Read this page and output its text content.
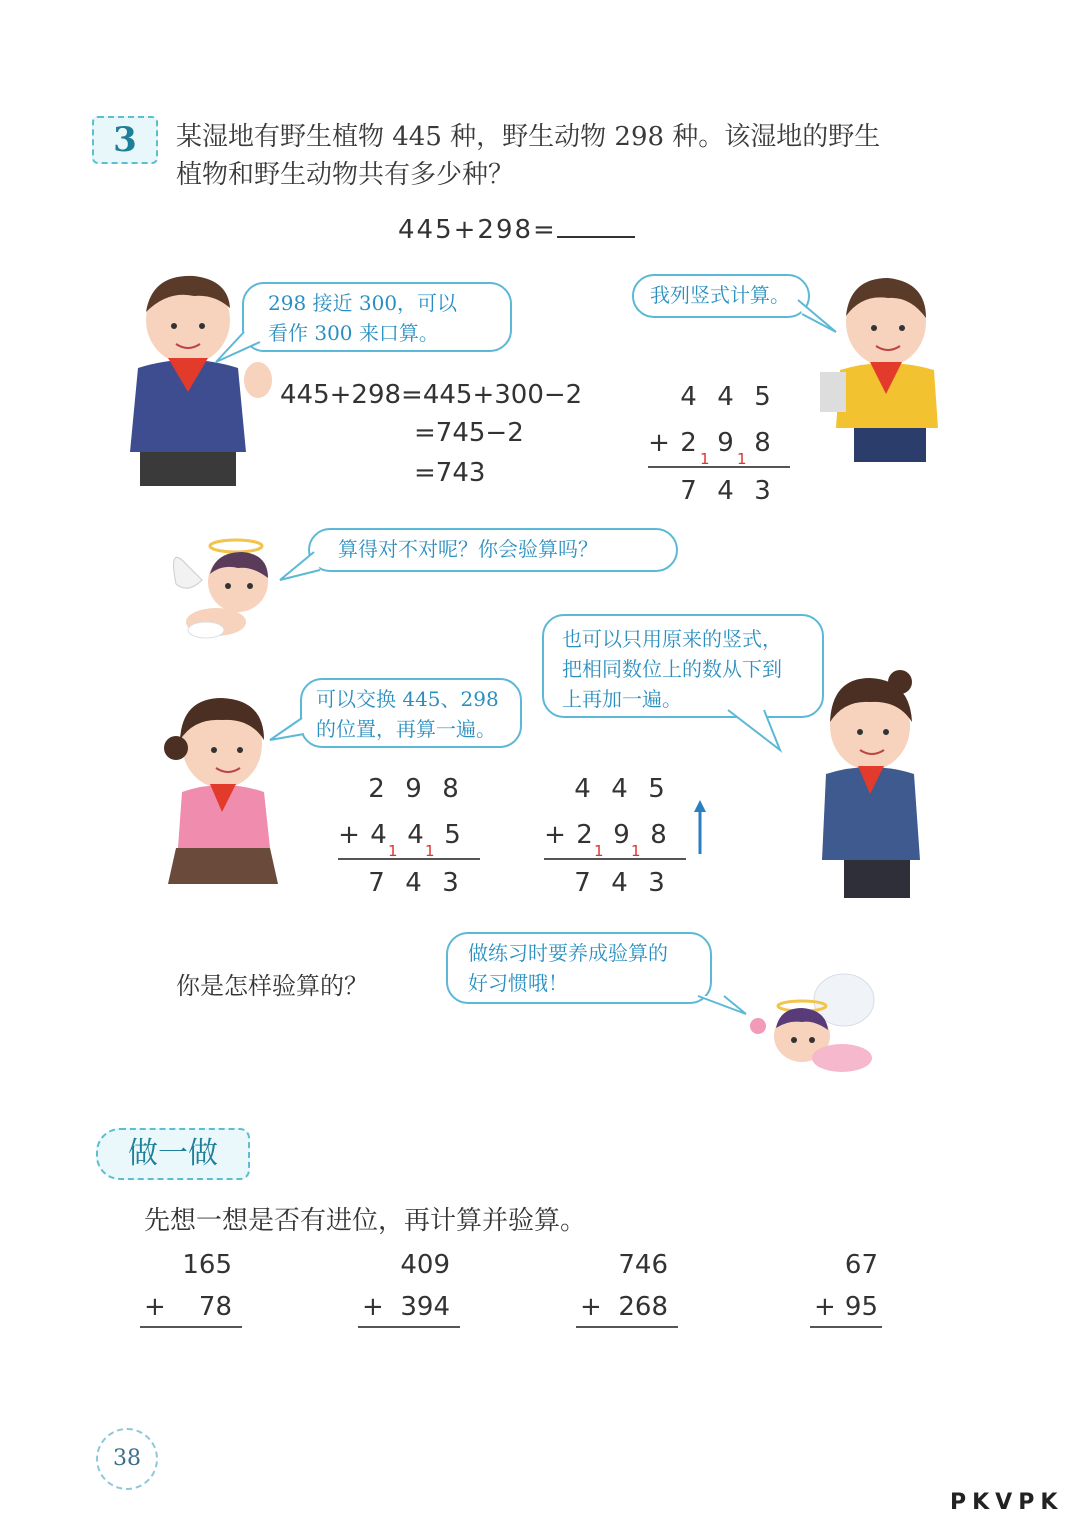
3	某湿地有野生植物 445 种，野生动物 298 种。该湿地的野生
植物和野生动物共有多少种？
445+298=
298 接近 300，可以
看作 300 来口算。
445+298=445+300−2
=745−2
=743
我列竖式计算。
4 4 5
+ 2 9 8
1 1
7 4 3
算得对不对呢？你会验算吗？
可以交换 445、298
的位置，再算一遍。
也可以只用原来的竖式，
把相同数位上的数从下到
上再加一遍。
2 9 8
+ 4 4 5
1 1
7 4 3
4 4 5
+ 2 9 8
1 1
7 4 3
你是怎样验算的？
做练习时要养成验算的
好习惯哦！
做一做
先想一想是否有进位，再计算并验算。
165
+ 78
409
+ 394
746
+ 268
67
+ 95
38
PKVPK
